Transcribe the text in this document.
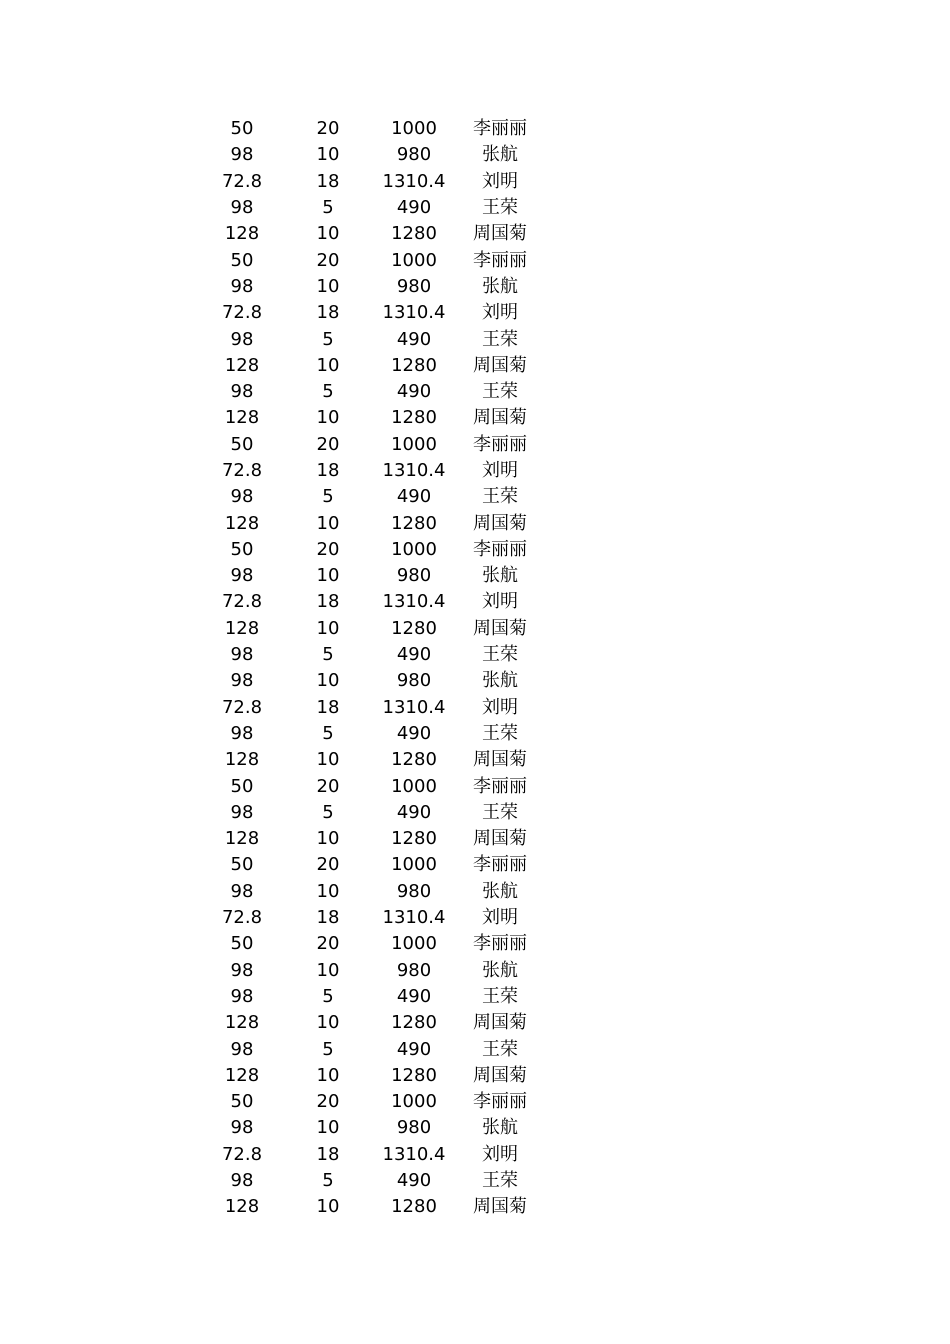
50	20	1000	李丽丽
98	10	980	张航
72.8	18	1310.4	刘明
98	5	490	王荣
128	10	1280	周国菊
50	20	1000	李丽丽
98	10	980	张航
72.8	18	1310.4	刘明
98	5	490	王荣
128	10	1280	周国菊
98	5	490	王荣
128	10	1280	周国菊
50	20	1000	李丽丽
72.8	18	1310.4	刘明
98	5	490	王荣
128	10	1280	周国菊
50	20	1000	李丽丽
98	10	980	张航
72.8	18	1310.4	刘明
128	10	1280	周国菊
98	5	490	王荣
98	10	980	张航
72.8	18	1310.4	刘明
98	5	490	王荣
128	10	1280	周国菊
50	20	1000	李丽丽
98	5	490	王荣
128	10	1280	周国菊
50	20	1000	李丽丽
98	10	980	张航
72.8	18	1310.4	刘明
50	20	1000	李丽丽
98	10	980	张航
98	5	490	王荣
128	10	1280	周国菊
98	5	490	王荣
128	10	1280	周国菊
50	20	1000	李丽丽
98	10	980	张航
72.8	18	1310.4	刘明
98	5	490	王荣
128	10	1280	周国菊
